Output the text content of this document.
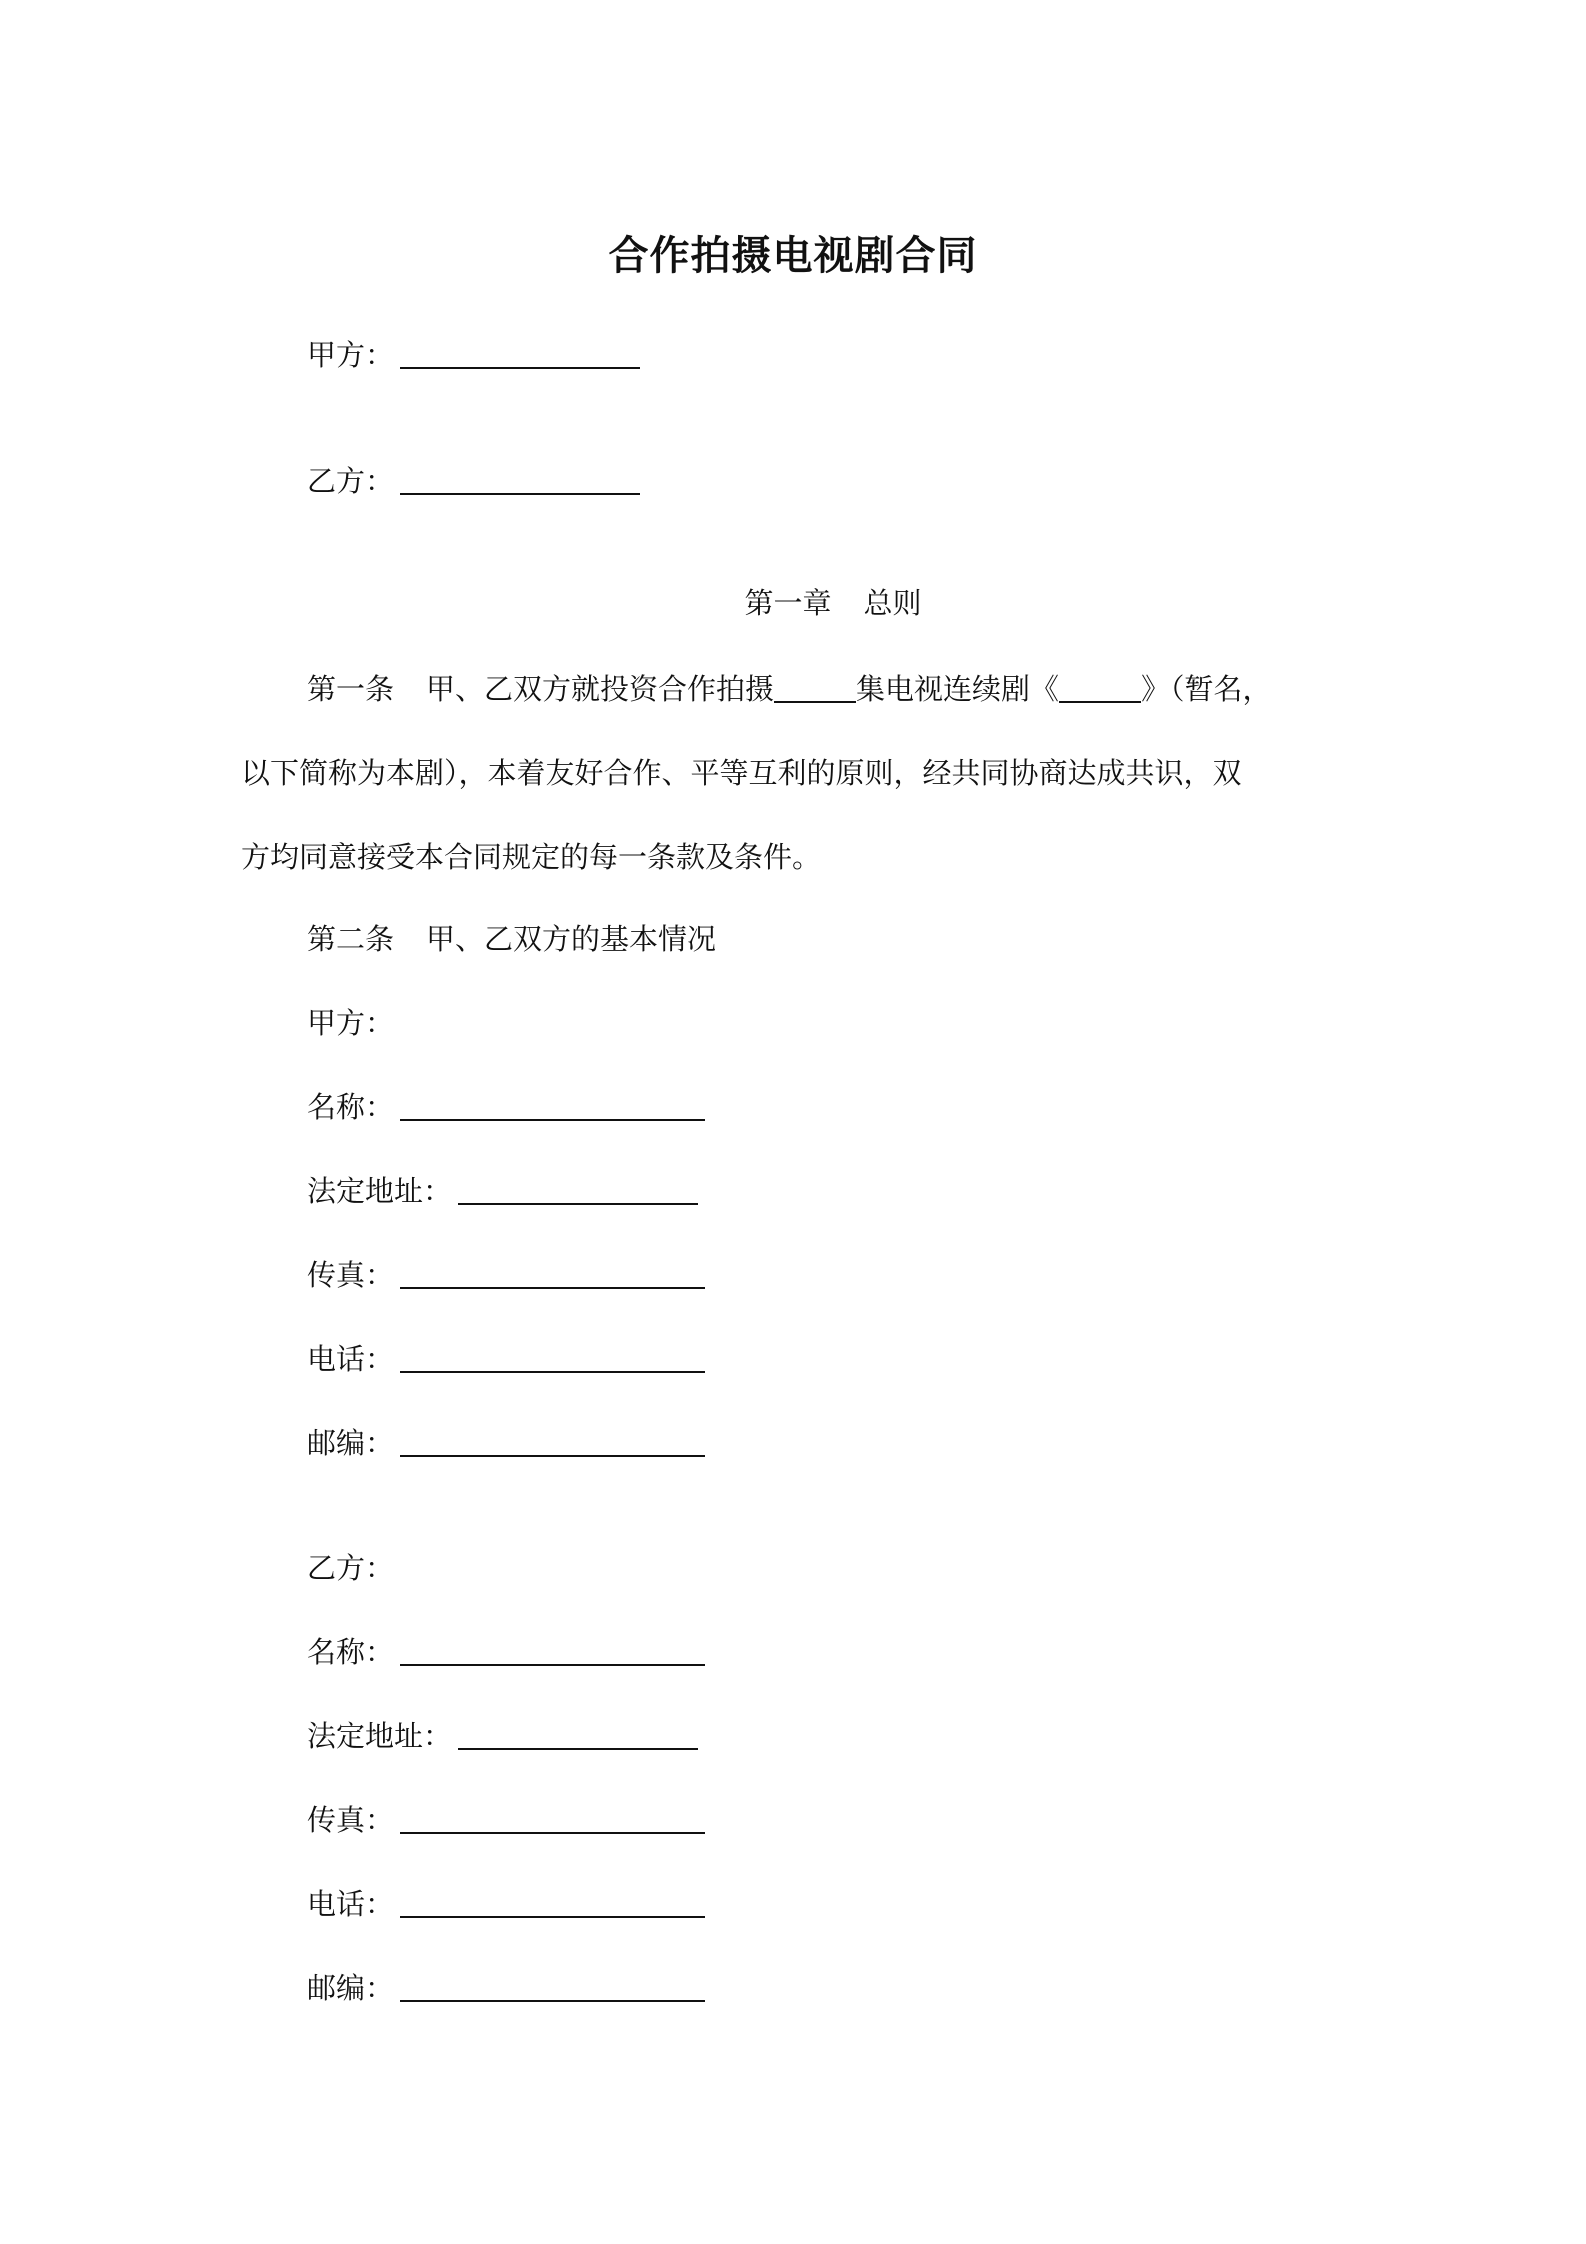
合作拍摄电视剧合同
甲方：
乙方：
第一章 总则
第一条 甲、乙双方就投资合作拍摄	集电视连续剧《	》（暂名，
以下简称为本剧），本着友好合作、平等互利的原则，经共同协商达成共识，双
方均同意接受本合同规定的每一条款及条件。
第二条 甲、乙双方的基本情况
甲方：
名称：
法定地址：
传真：
电话：
邮编：
乙方：
名称：
法定地址：
传真：
电话：
邮编：
